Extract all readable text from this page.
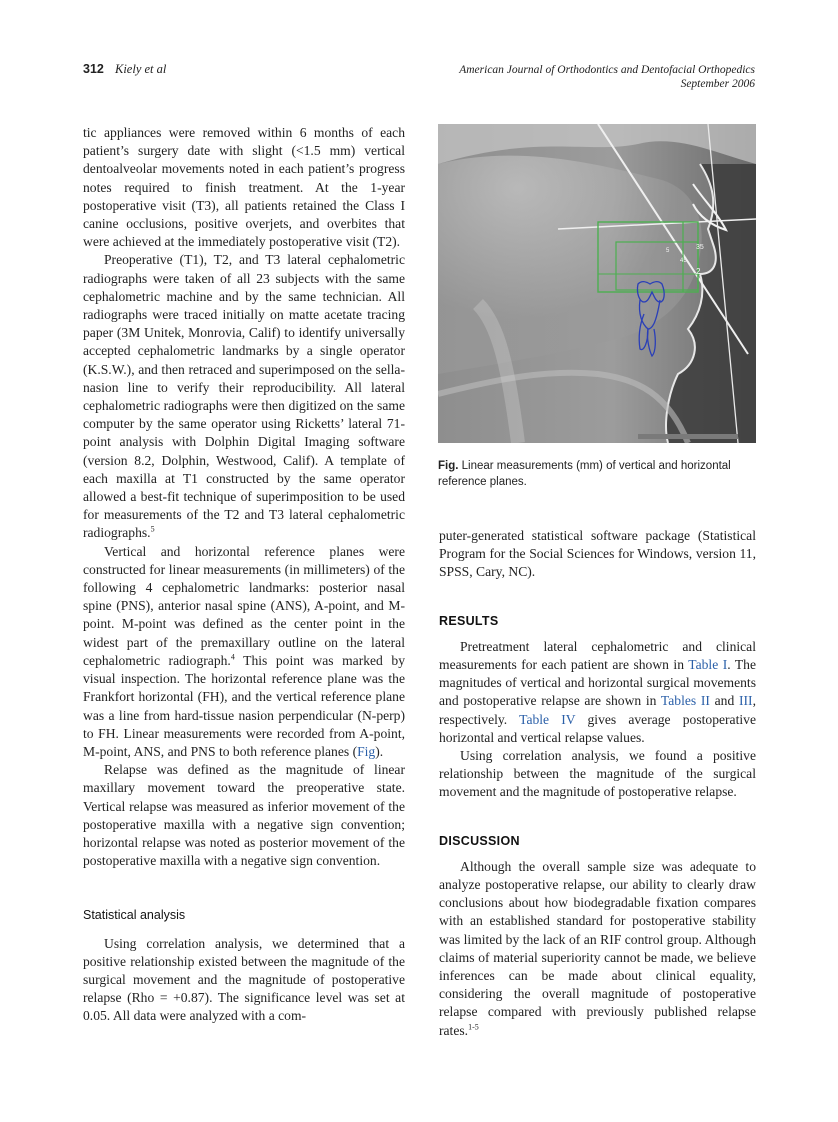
312 Kiely et al	American Journal of Orthodontics and Dentofacial Orthopedics
September 2006

tic appliances were removed within 6 months of each patient’s surgery date with slight (<1.5 mm) vertical dentoalveolar movements noted in each patient’s progress notes required to finish treatment. At the 1-year postoperative visit (T3), all patients retained the Class I canine occlusions, positive overjets, and overbites that were achieved at the immediately postoperative visit (T2).

Preoperative (T1), T2, and T3 lateral cephalometric radiographs were taken of all 23 subjects with the same cephalometric machine and by the same technician. All radiographs were traced initially on matte acetate tracing paper (3M Unitek, Monrovia, Calif) to identify universally accepted cephalometric landmarks by a single operator (K.S.W.), and then retraced and superimposed on the sella-nasion line to verify their reproducibility. All lateral cephalometric radiographs were then digitized on the same computer by the same operator using Ricketts’ lateral 71-point analysis with Dolphin Digital Imaging software (version 8.2, Dolphin, Westwood, Calif). A template of each maxilla at T1 constructed by the same operator allowed a best-fit technique of superimposition to be used for measurements of the T2 and T3 lateral cephalometric radiographs.$^5$

Vertical and horizontal reference planes were constructed for linear measurements (in millimeters) of the following 4 cephalometric landmarks: posterior nasal spine (PNS), anterior nasal spine (ANS), A-point, and M-point. M-point was defined as the center point in the widest part of the premaxillary outline on the lateral cephalometric radiograph.$^4$ This point was marked by visual inspection. The horizontal reference plane was the Frankfort horizontal (FH), and the vertical reference plane was a line from hard-tissue nasion perpendicular (N-perp) to FH. Linear measurements were recorded from A-point, M-point, ANS, and PNS to both reference planes (Fig).

Relapse was defined as the magnitude of linear maxillary movement toward the preoperative state. Vertical relapse was measured as inferior movement of the postoperative maxilla with a negative sign convention; horizontal relapse was noted as posterior movement of the postoperative maxilla with a negative sign convention.

Statistical analysis

Using correlation analysis, we determined that a positive relationship existed between the magnitude of the surgical movement and the magnitude of postoperative relapse (Rho = +0.87). The significance level was set at 0.05. All data were analyzed with a com-

35
2
5
45
Fig. Linear measurements (mm) of vertical and horizontal reference planes.

puter-generated statistical software package (Statistical Program for the Social Sciences for Windows, version 11, SPSS, Cary, NC).

RESULTS

Pretreatment lateral cephalometric and clinical measurements for each patient are shown in Table I. The magnitudes of vertical and horizontal surgical movements and postoperative relapse are shown in Tables II and III, respectively. Table IV gives average postoperative horizontal and vertical relapse values.

Using correlation analysis, we found a positive relationship between the magnitude of the surgical movement and the magnitude of postoperative relapse.

DISCUSSION

Although the overall sample size was adequate to analyze postoperative relapse, our ability to clearly draw conclusions about how biodegradable fixation compares with an established standard for postoperative stability was limited by the lack of an RIF control group. Although claims of material superiority cannot be made, we believe inferences can be made about clinical equality, considering the overall magnitude of postoperative relapse compared with previously published relapse rates.$^{1-5}$
